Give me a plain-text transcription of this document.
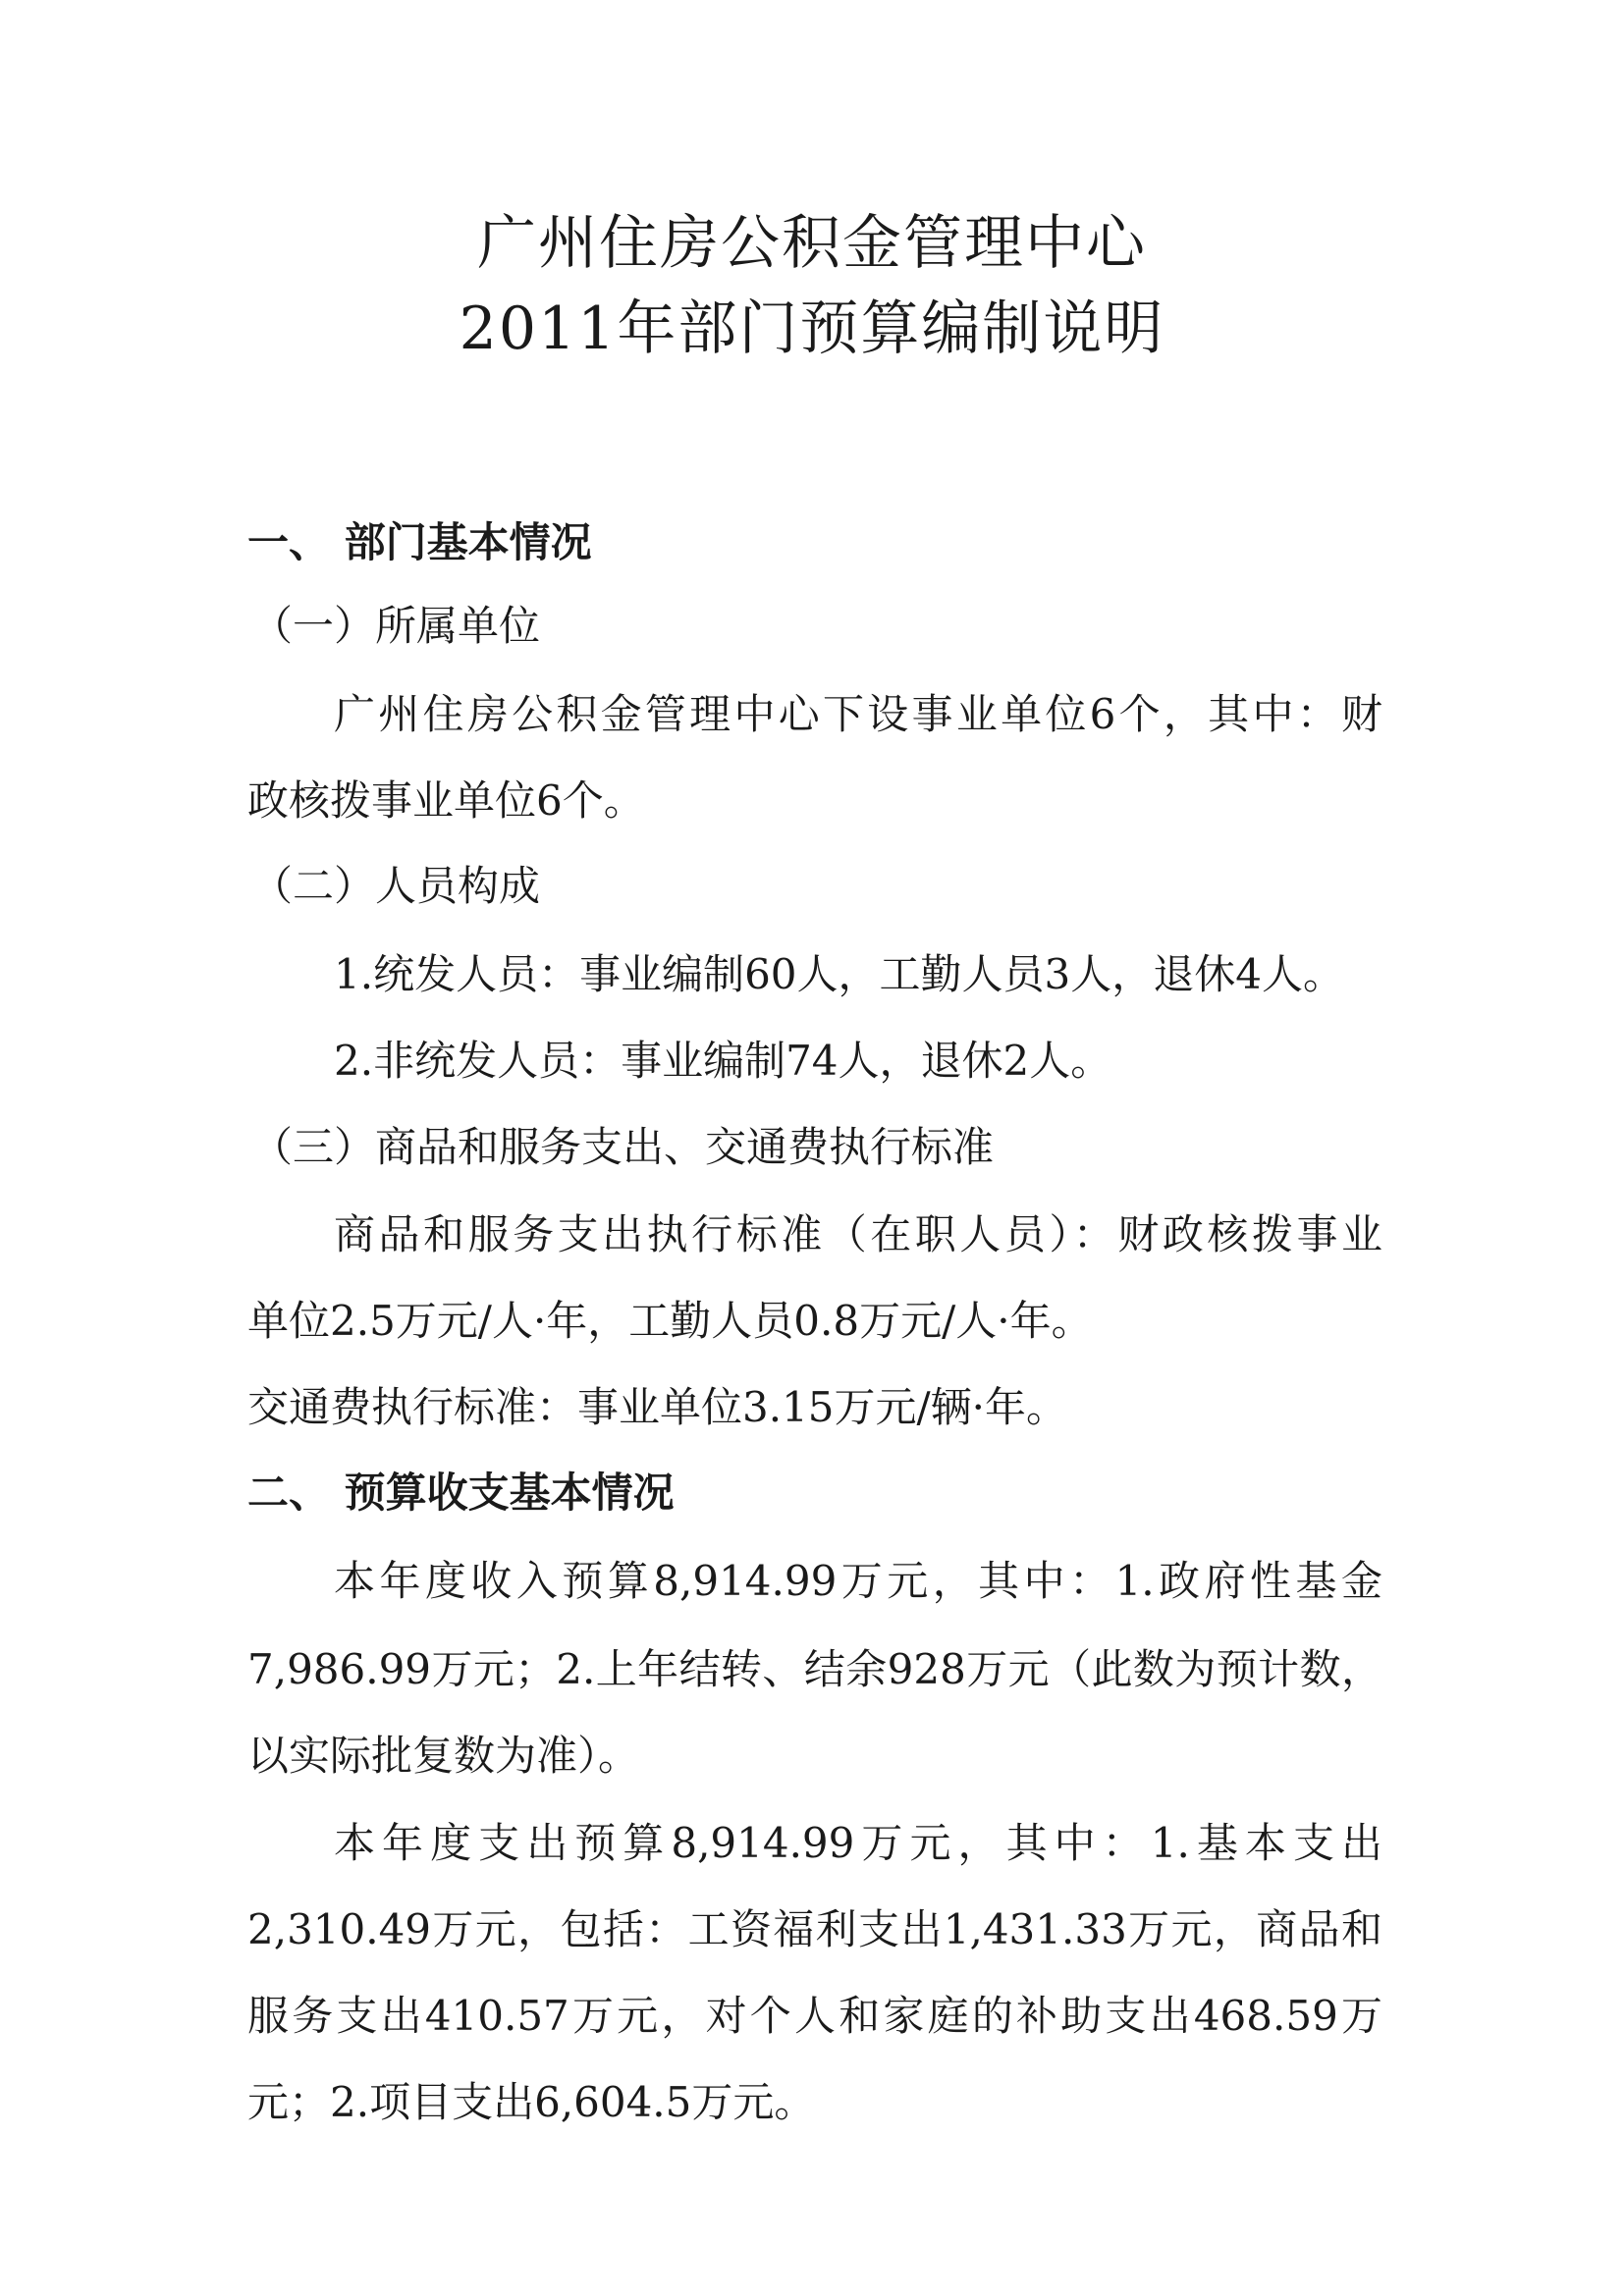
广州住房公积金管理中心
2011年部门预算编制说明
一、 部门基本情况
（一）所属单位
广州住房公积金管理中心下设事业单位6个，其中：财
政核拨事业单位6个。
（二）人员构成
1.统发人员：事业编制60人，工勤人员3人，退休4人。
2.非统发人员：事业编制74人，退休2人。
（三）商品和服务支出、交通费执行标准
商品和服务支出执行标准（在职人员）：财政核拨事业
单位2.5万元/人·年，工勤人员0.8万元/人·年。
交通费执行标准：事业单位3.15万元/辆·年。
二、 预算收支基本情况
本年度收入预算8,914.99万元，其中：1.政府性基金
7,986.99万元；2.上年结转、结余928万元（此数为预计数，
以实际批复数为准）。
本年度支出预算8,914.99万元，其中：1.基本支出
2,310.49万元，包括：工资福利支出1,431.33万元，商品和
服务支出410.57万元，对个人和家庭的补助支出468.59万
元；2.项目支出6,604.5万元。
